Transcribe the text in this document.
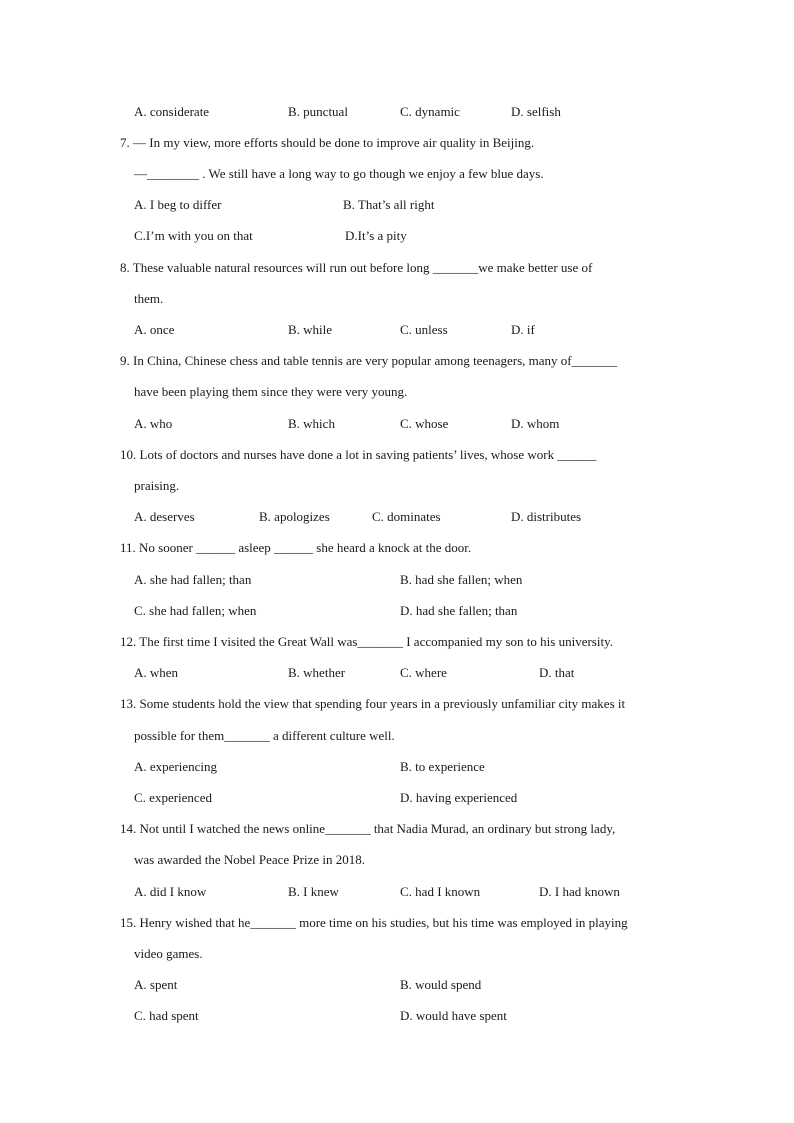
A. considerate	B. punctual	C. dynamic	D. selfish
7. — In my view, more efforts should be done to improve air quality in Beijing.
—________ . We still have a long way to go though we enjoy a few blue days.
A. I beg to differ	B. That’s all right
C.I’m with you on that	D.It’s a pity
8. These valuable natural resources will run out before long _______we make better use of
them.
A. once	B. while	C. unless	D. if
9. In China, Chinese chess and table tennis are very popular among teenagers, many of_______
have been playing them since they were very young.
A. who	B. which	C. whose	D. whom
10. Lots of doctors and nurses have done a lot in saving patients’ lives, whose work ______
praising.
A. deserves	B. apologizes	C. dominates	D. distributes
11. No sooner ______ asleep ______ she heard a knock at the door.
A. she had fallen; than	B. had she fallen; when
C. she had fallen; when	D. had she fallen; than
12. The first time I visited the Great Wall was_______ I accompanied my son to his university.
A. when	B. whether	C. where	D. that
13. Some students hold the view that spending four years in a previously unfamiliar city makes it
possible for them_______ a different culture well.
A. experiencing	B. to experience
C. experienced	D. having experienced
14. Not until I watched the news online_______ that Nadia Murad, an ordinary but strong lady,
was awarded the Nobel Peace Prize in 2018.
A. did I know	B. I knew	C. had I known	D. I had known
15. Henry wished that he_______ more time on his studies, but his time was employed in playing
video games.
A. spent	B. would spend
C. had spent	D. would have spent
